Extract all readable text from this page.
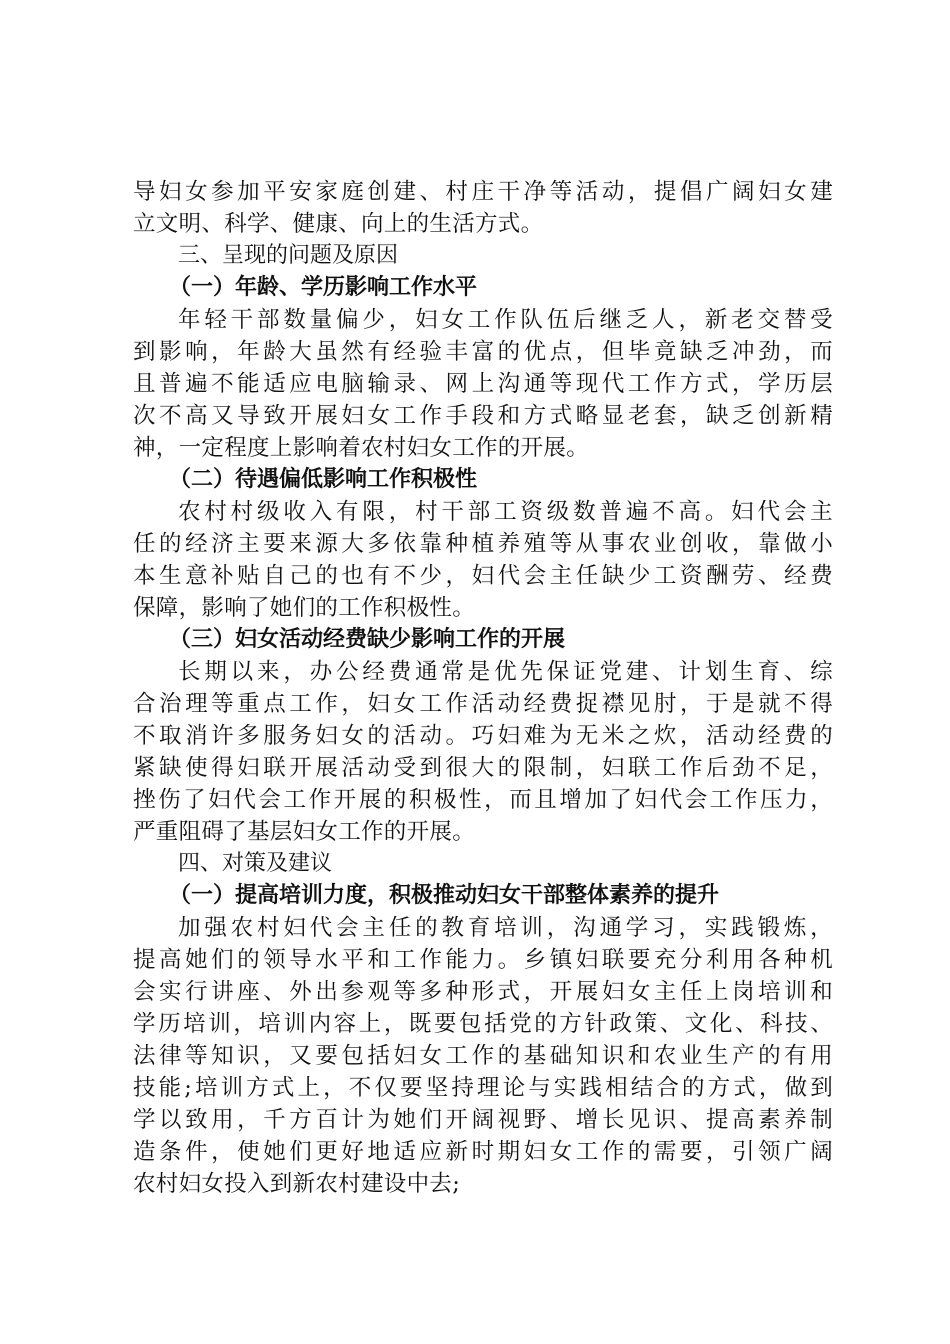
导妇女参加平安家庭创建、村庄干净等活动，提倡广阔妇女建
立文明、科学、健康、向上的生活方式。
三、呈现的问题及原因
（一）年龄、学历影响工作水平
年轻干部数量偏少，妇女工作队伍后继乏人，新老交替受
到影响，年龄大虽然有经验丰富的优点，但毕竟缺乏冲劲，而
且普遍不能适应电脑输录、网上沟通等现代工作方式，学历层
次不高又导致开展妇女工作手段和方式略显老套，缺乏创新精
神，一定程度上影响着农村妇女工作的开展。
（二）待遇偏低影响工作积极性
农村村级收入有限，村干部工资级数普遍不高。妇代会主
任的经济主要来源大多依靠种植养殖等从事农业创收，靠做小
本生意补贴自己的也有不少，妇代会主任缺少工资酬劳、经费
保障，影响了她们的工作积极性。
（三）妇女活动经费缺少影响工作的开展
长期以来，办公经费通常是优先保证党建、计划生育、综
合治理等重点工作，妇女工作活动经费捉襟见肘，于是就不得
不取消许多服务妇女的活动。巧妇难为无米之炊，活动经费的
紧缺使得妇联开展活动受到很大的限制，妇联工作后劲不足，
挫伤了妇代会工作开展的积极性，而且增加了妇代会工作压力，
严重阻碍了基层妇女工作的开展。
四、对策及建议
（一）提高培训力度，积极推动妇女干部整体素养的提升
加强农村妇代会主任的教育培训，沟通学习，实践锻炼，
提高她们的领导水平和工作能力。乡镇妇联要充分利用各种机
会实行讲座、外出参观等多种形式，开展妇女主任上岗培训和
学历培训，培训内容上，既要包括党的方针政策、文化、科技、
法律等知识，又要包括妇女工作的基础知识和农业生产的有用
技能;培训方式上，不仅要坚持理论与实践相结合的方式，做到
学以致用，千方百计为她们开阔视野、增长见识、提高素养制
造条件，使她们更好地适应新时期妇女工作的需要，引领广阔
农村妇女投入到新农村建设中去;
